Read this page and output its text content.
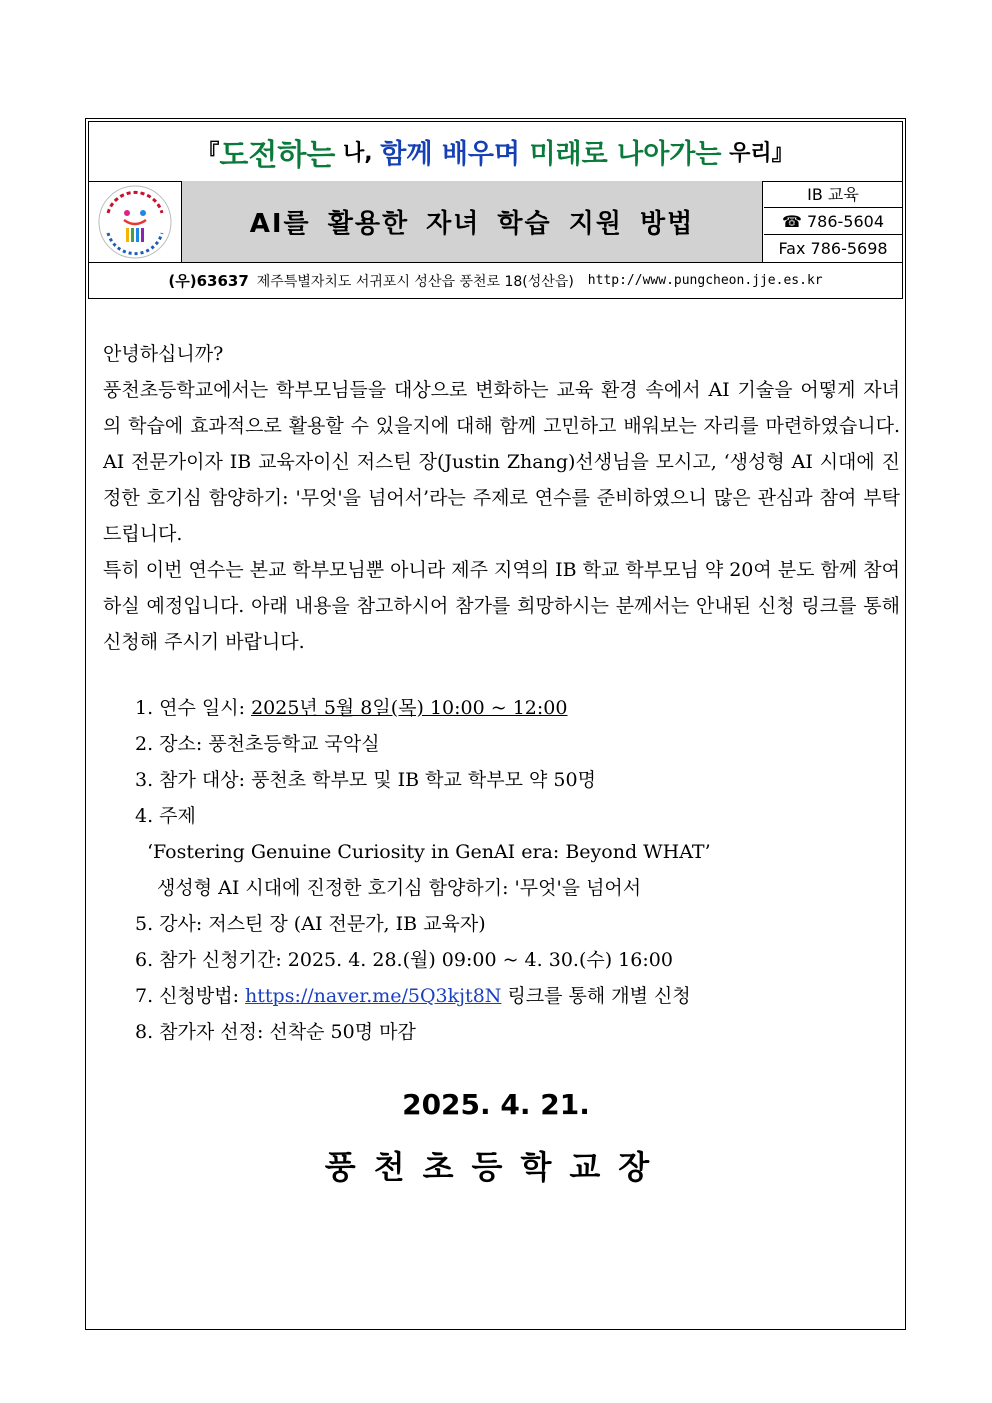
『 도전하는 나, 함께 배우며 미래로 나아가는 우리 』
AI를 활용한 자녀 학습 지원 방법
IB 교육
☎ 786-5604
Fax 786-5698
(우)63637 제주특별자치도 서귀포시 성산읍 풍천로 18(성산읍) http://www.pungcheon.jje.es.kr

안녕하십니까?

풍천초등학교에서는 학부모님들을 대상으로 변화하는 교육 환경 속에서 AI 기술을 어떻게 자녀의 학습에 효과적으로 활용할 수 있을지에 대해 함께 고민하고 배워보는 자리를 마련하였습니다. AI 전문가이자 IB 교육자이신 저스틴 장(Justin Zhang)선생님을 모시고, ‘생성형 AI 시대에 진정한 호기심 함양하기: '무엇'을 넘어서’라는 주제로 연수를 준비하였으니 많은 관심과 참여 부탁드립니다.

특히 이번 연수는 본교 학부모님뿐 아니라 제주 지역의 IB 학교 학부모님 약 20여 분도 함께 참여하실 예정입니다. 아래 내용을 참고하시어 참가를 희망하시는 분께서는 안내된 신청 링크를 통해 신청해 주시기 바랍니다.

1. 연수 일시: 2025년 5월 8일(목) 10:00 ~ 12:00
2. 장소: 풍천초등학교 국악실
3. 참가 대상: 풍천초 학부모 및 IB 학교 학부모 약 50명
4. 주제
‘Fostering Genuine Curiosity in GenAI era: Beyond WHAT’
생성형 AI 시대에 진정한 호기심 함양하기: '무엇'을 넘어서
5. 강사: 저스틴 장 (AI 전문가, IB 교육자)
6. 참가 신청기간: 2025. 4. 28.(월) 09:00 ~ 4. 30.(수) 16:00
7. 신청방법: https://naver.me/5Q3kjt8N 링크를 통해 개별 신청
8. 참가자 선정: 선착순 50명 마감
2025. 4. 21.
풍천초등학교장
